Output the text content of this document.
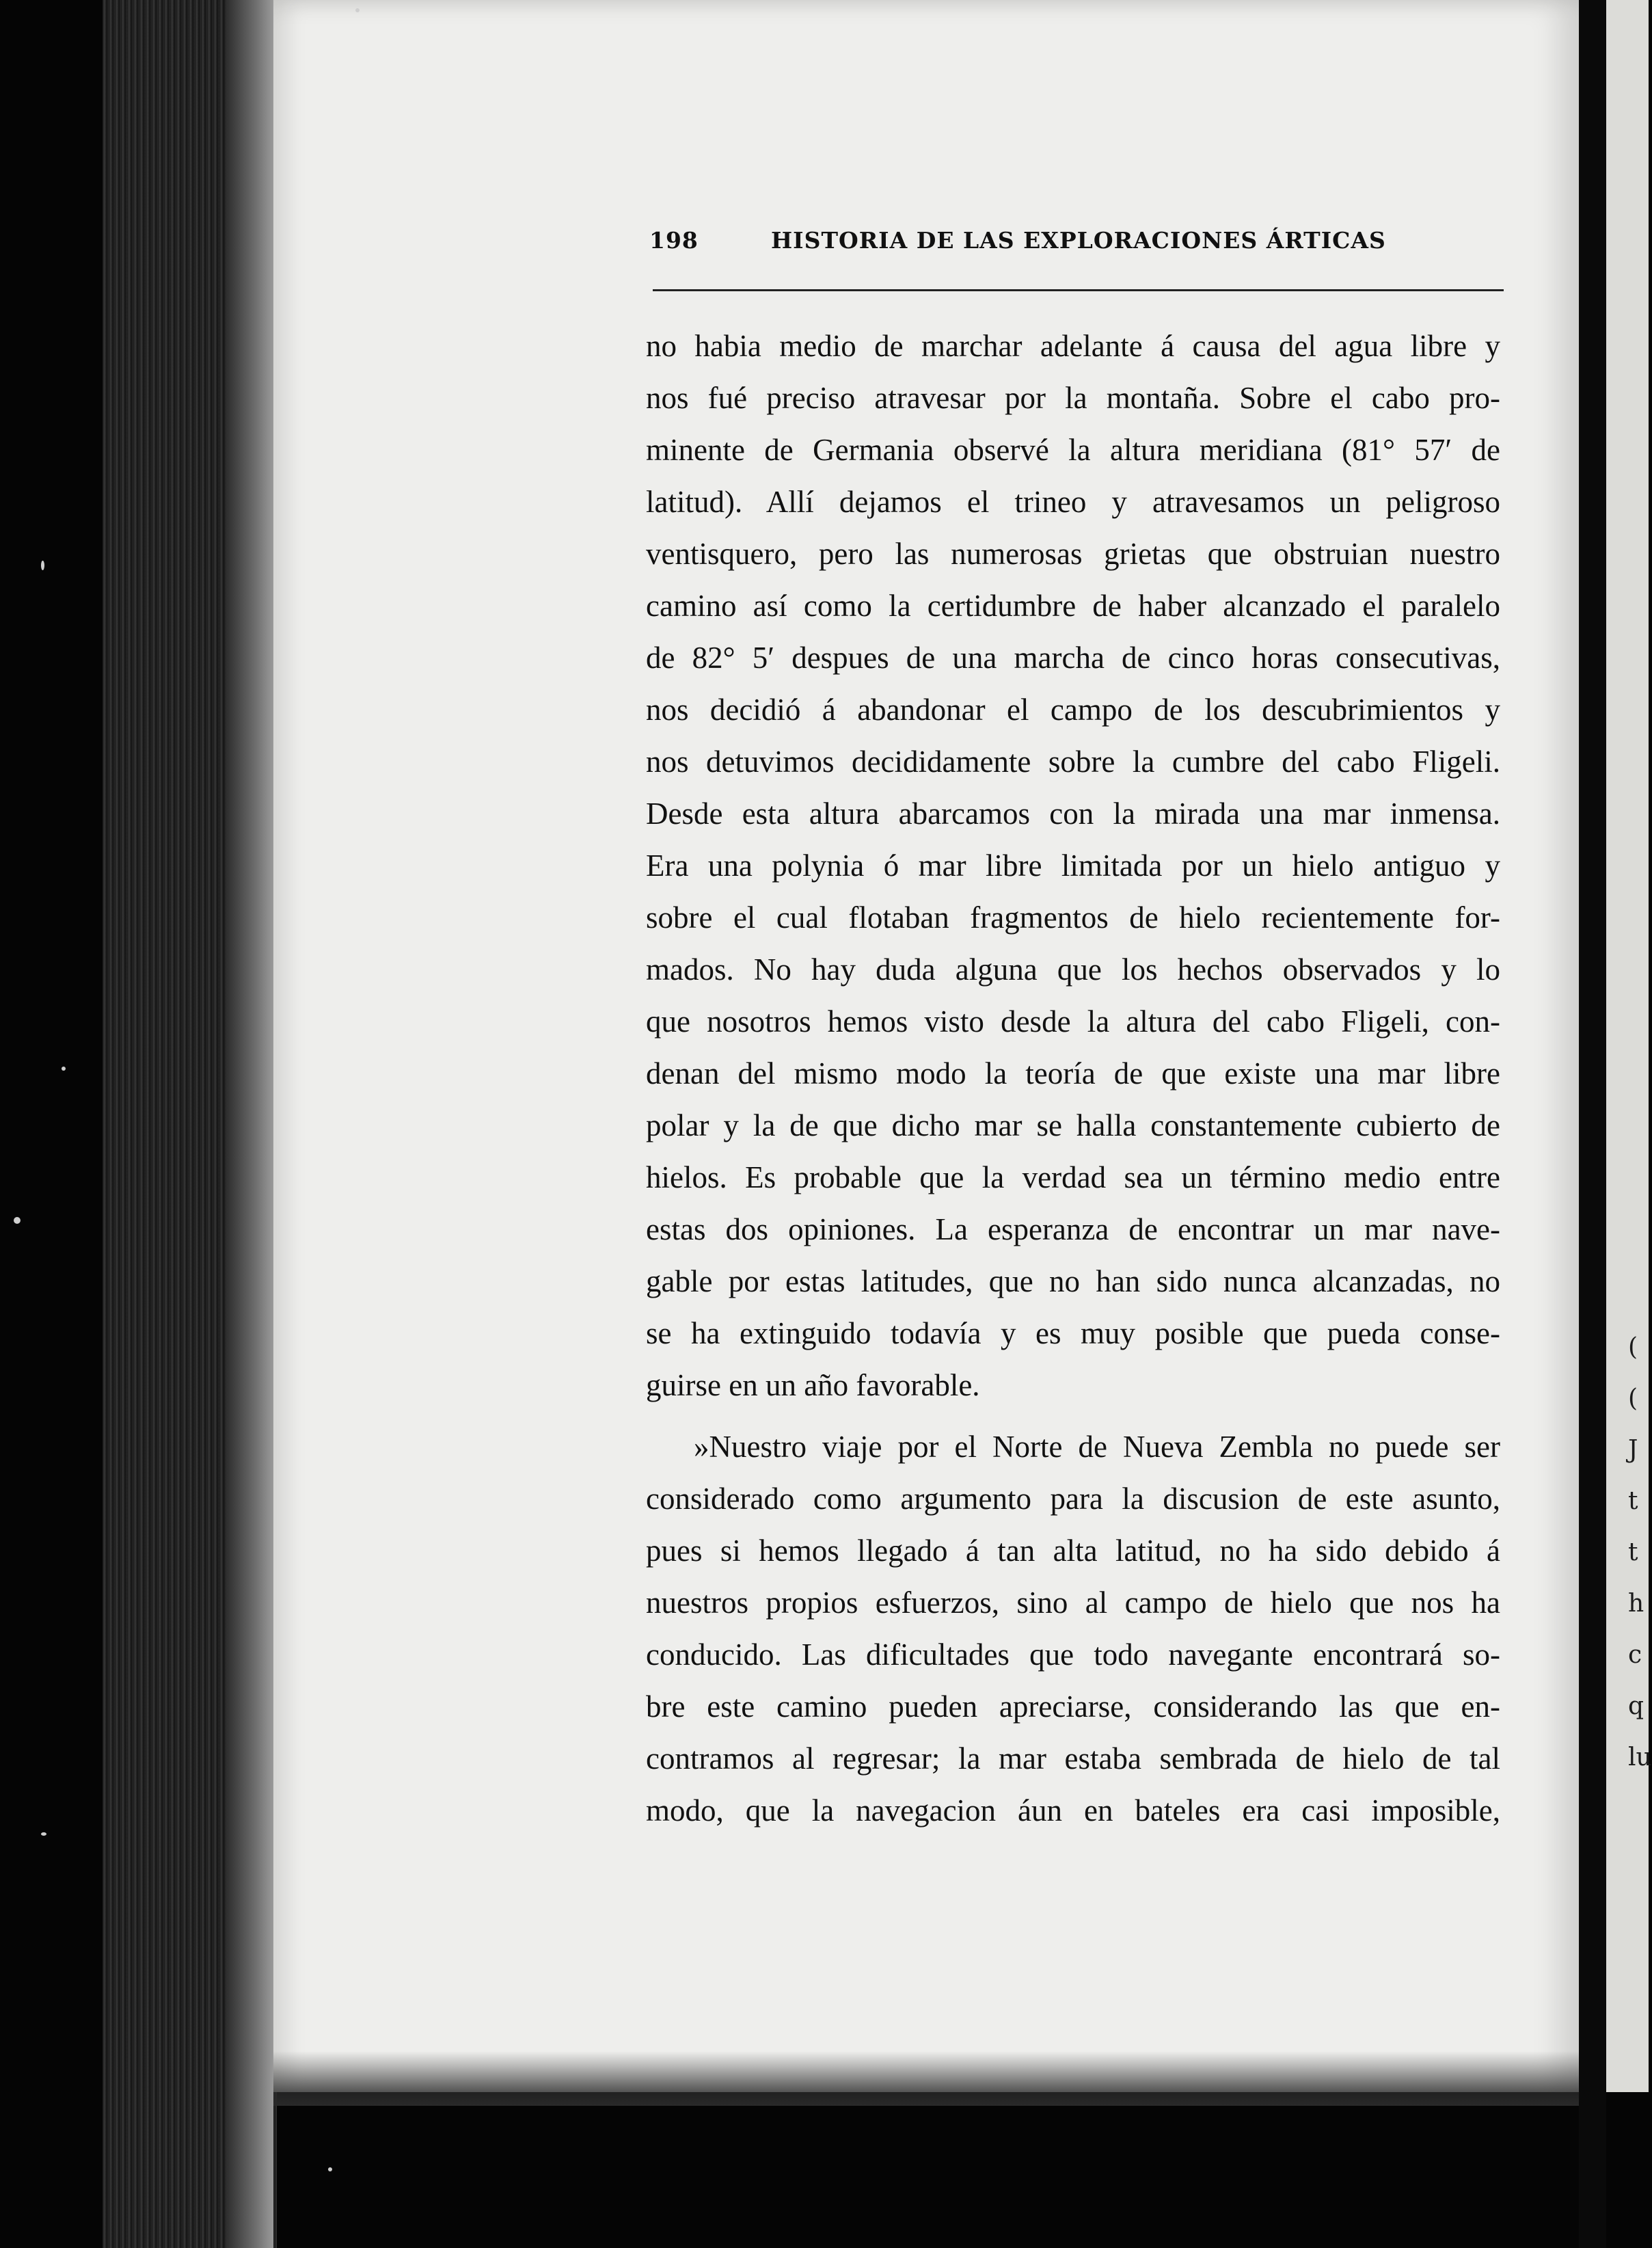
198	HISTORIA DE LAS EXPLORACIONES ÁRTICAS
no habia medio de marchar adelante á causa del agua libre y
nos fué preciso atravesar por la montaña. Sobre el cabo pro-
minente de Germania observé la altura meridiana (81° 57′ de
latitud). Allí dejamos el trineo y atravesamos un peligroso
ventisquero, pero las numerosas grietas que obstruian nuestro
camino así como la certidumbre de haber alcanzado el paralelo
de 82° 5′ despues de una marcha de cinco horas consecutivas,
nos decidió á abandonar el campo de los descubrimientos y
nos detuvimos decididamente sobre la cumbre del cabo Fligeli.
Desde esta altura abarcamos con la mirada una mar inmensa.
Era una polynia ó mar libre limitada por un hielo antiguo y
sobre el cual flotaban fragmentos de hielo recientemente for-
mados. No hay duda alguna que los hechos observados y lo
que nosotros hemos visto desde la altura del cabo Fligeli, con-
denan del mismo modo la teoría de que existe una mar libre
polar y la de que dicho mar se halla constantemente cubierto de
hielos. Es probable que la verdad sea un término medio entre
estas dos opiniones. La esperanza de encontrar un mar nave-
gable por estas latitudes, que no han sido nunca alcanzadas, no
se ha extinguido todavía y es muy posible que pueda conse-
guirse en un año favorable.
»Nuestro viaje por el Norte de Nueva Zembla no puede ser
considerado como argumento para la discusion de este asunto,
pues si hemos llegado á tan alta latitud, no ha sido debido á
nuestros propios esfuerzos, sino al campo de hielo que nos ha
conducido. Las dificultades que todo navegante encontrará so-
bre este camino pueden apreciarse, considerando las que en-
contramos al regresar; la mar estaba sembrada de hielo de tal
modo, que la navegacion áun en bateles era casi imposible,
(
(
J
t
t
h
c
q
lu
